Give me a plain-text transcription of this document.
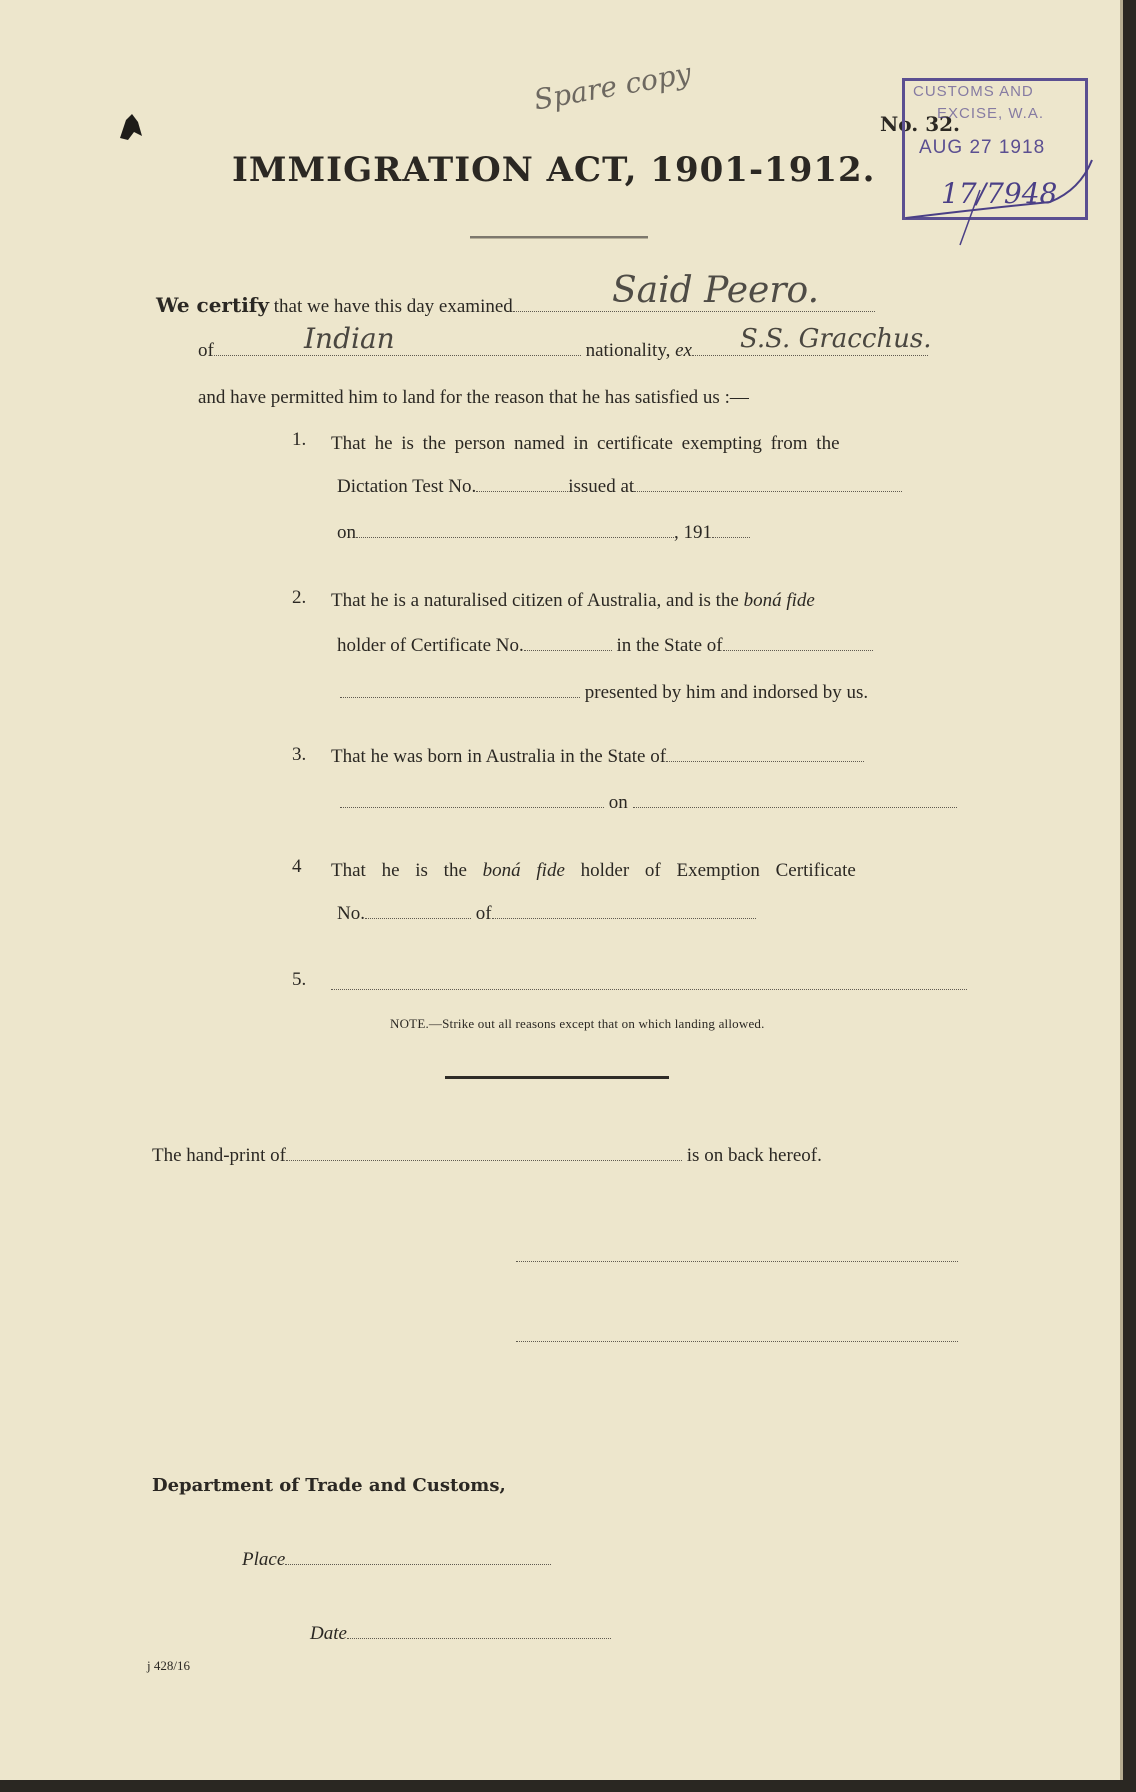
Spare copy
IMMIGRATION ACT, 1901-1912.
No. 32.
CUSTOMS AND
EXCISE, W.A.
AUG 27 1918
17/7948
We certify that we have this day examined	Said Peero.
of	nationality, ex
Indian	S.S. Gracchus.
and have permitted him to land for the reason that he has satisfied us :—
1. That he is the person named in certificate exempting from the
Dictation Test No.	issued at
on	, 191
2. That he is a naturalised citizen of Australia, and is the boná fide
holder of Certificate No.	in the State of
presented by him and indorsed by us.
3. That he was born in Australia in the State of
on
4 That he is the boná fide holder of Exemption Certificate
No.	of
5.
NOTE.—Strike out all reasons except that on which landing allowed.
The hand-print of	is on back hereof.
Department of Trade and Customs,
Place
Date
j 428/16
